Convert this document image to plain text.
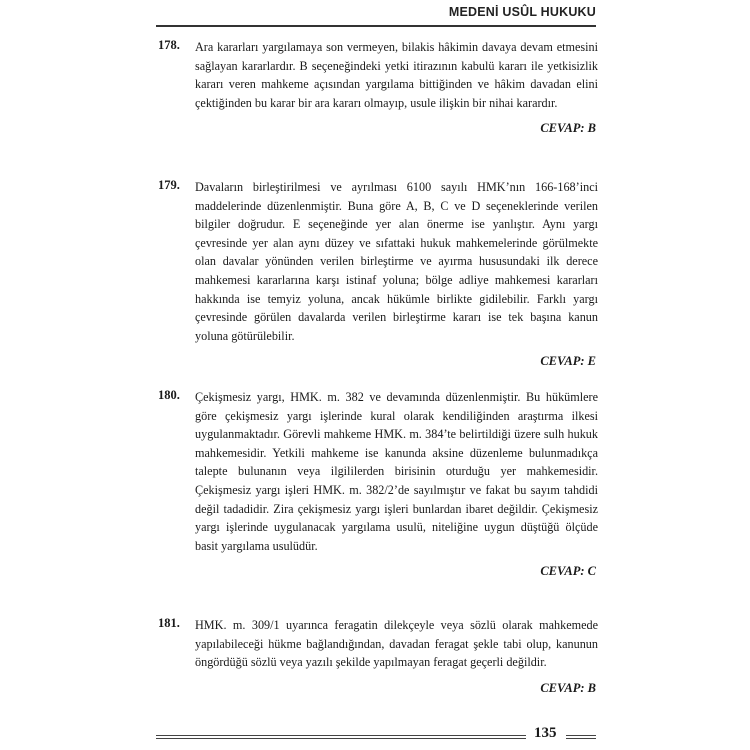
MEDENİ USÛL HUKUKU
178. Ara kararları yargılamaya son vermeyen, bilakis hâkimin davaya devam etmesini sağlayan kararlardır. B seçeneğindeki yetki itirazının kabulü kararı ile yetkisizlik kararı veren mahkeme açısından yargılama bittiğinden ve hâkim davadan elini çektiğinden bu karar bir ara kararı olmayıp, usule ilişkin bir nihai karardır.
CEVAP: B
179. Davaların birleştirilmesi ve ayrılması 6100 sayılı HMK’nın 166-168’inci maddelerinde düzenlenmiştir. Buna göre A, B, C ve D seçeneklerinde verilen bilgiler doğrudur. E seçeneğinde yer alan önerme ise yanlıştır. Aynı yargı çevresinde yer alan aynı düzey ve sıfattaki hukuk mahkemelerinde görülmekte olan davalar yönünden verilen birleştirme ve ayırma hususundaki ilk derece mahkemesi kararlarına karşı istinaf yoluna; bölge adliye mahkemesi kararları hakkında ise temyiz yoluna, ancak hükümle birlikte gidilebilir. Farklı yargı çevresinde görülen davalarda verilen birleştirme kararı ise tek başına kanun yoluna götürülebilir.
CEVAP: E
180. Çekişmesiz yargı, HMK. m. 382 ve devamında düzenlenmiştir. Bu hükümlere göre çekişmesiz yargı işlerinde kural olarak kendiliğinden araştırma ilkesi uygulanmaktadır. Görevli mahkeme HMK. m. 384’te belirtildiği üzere sulh hukuk mahkemesidir. Yetkili mahkeme ise kanunda aksine düzenleme bulunmadıkça talepte bulunanın veya ilgililerden birisinin oturduğu yer mahkemesidir. Çekişmesiz yargı işleri HMK. m. 382/2’de sayılmıştır ve fakat bu sayım tahdidi değil tadadidir. Zira çekişmesiz yargı işleri bunlardan ibaret değildir. Çekişmesiz yargı işlerinde uygulanacak yargılama usulü, niteliğine uygun düştüğü ölçüde basit yargılama usulüdür.
CEVAP: C
181. HMK. m. 309/1 uyarınca feragatin dilekçeyle veya sözlü olarak mahkemede yapılabileceği hükme bağlandığından, davadan feragat şekle tabi olup, kanunun öngördüğü sözlü veya yazılı şekilde yapılmayan feragat geçerli değildir.
CEVAP: B
135
